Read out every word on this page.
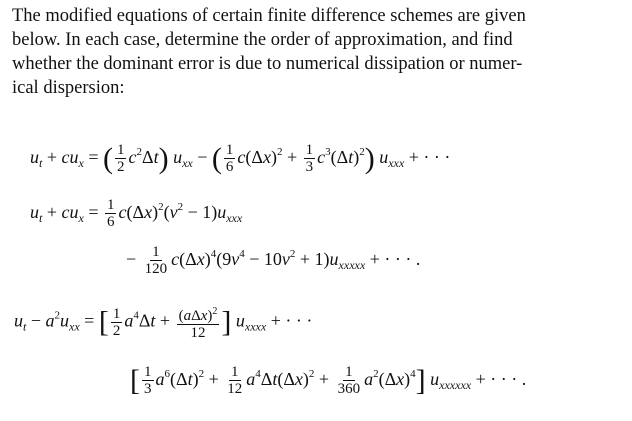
The modified equations of certain finite difference schemes are given
below. In each case, determine the order of approximation, and find
whether the dominant error is due to numerical dissipation or numer-
ical dispersion:
$u_t + cu_x$ = ( $\frac{1}{2} c^2\Delta t$) $u_{xx}$ − ( $\frac{1}{6} c(\Delta x)^2 + \frac{1}{3} c^3(\Delta t)^2$) $u_{xxx}$ + · · ·
$u_t + cu_x = \frac{1}{6} c(\Delta x)^2(\nu^2 - 1)u_{xxx}$
− $\frac{1}{120} c(\Delta x)^4(9\nu^4 - 10\nu^2 + 1)u_{xxxxx}$ + · · · .
$u_t - a^2u_{xx}$ = [ $\frac{1}{2} a^4\Delta t + \frac{(a\Delta x)^2}{12}$ ] $u_{xxxx}$ + · · ·
[ $\frac{1}{3} a^6(\Delta t)^2 + \frac{1}{12} a^4\Delta t(\Delta x)^2 + \frac{1}{360} a^2(\Delta x)^4$] $u_{xxxxxx}$ + · · · .
